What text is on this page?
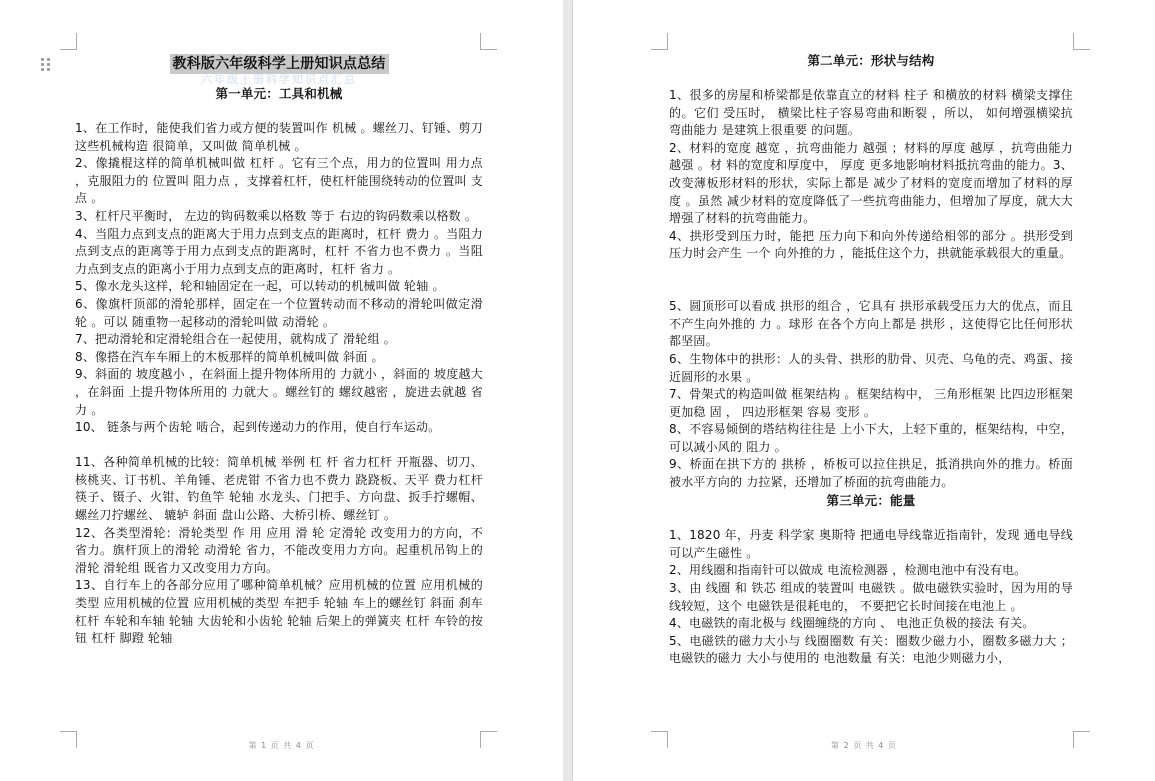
教科版六年级科学上册知识点总结
六年级上册科学知识点汇总
第一单元：工具和机械

1、在工作时，能使我们省力或方便的装置叫作 机械 。螺丝刀、钉锤、剪刀这些机械构造 很简单，又叫做 简单机械 。

2、像撬棍这样的简单机械叫做 杠杆 。它有三个点，用力的位置叫 用力点 ，克服阻力的 位置叫 阻力点 ，支撑着杠杆，使杠杆能围绕转动的位置叫 支点 。

3、杠杆尺平衡时， 左边的钩码数乘以格数 等于 右边的钩码数乘以格数 。

4、当阻力点到支点的距离大于用力点到支点的距离时，杠杆 费力 。当阻力点到支点的距离等于用力点到支点的距离时，杠杆 不省力也不费力 。当阻力点到支点的距离小于用力点到支点的距离时，杠杆 省力 。

5、像水龙头这样，轮和轴固定在一起，可以转动的机械叫做 轮轴 。

6、像旗杆顶部的滑轮那样，固定在一个位置转动而不移动的滑轮叫做定滑轮 。可以 随重物一起移动的滑轮叫做 动滑轮 。

7、把动滑轮和定滑轮组合在一起使用，就构成了 滑轮组 。

8、像搭在汽车车厢上的木板那样的简单机械叫做 斜面 。

9、斜面的 坡度越小 ，在斜面上提升物体所用的 力就小 ，斜面的 坡度越大 ，在斜面 上提升物体所用的 力就大 。螺丝钉的 螺纹越密 ，旋进去就越 省力 。

10、 链条与两个齿轮 啮合，起到传递动力的作用，使自行车运动。

11、各种简单机械的比较：简单机械 举例 杠 杆 省力杠杆 开瓶器、切刀、核桃夹、订书机、羊角锤、老虎钳 不省力也不费力 跷跷板、天平 费力杠杆 筷子、镊子、火钳、钓鱼竿 轮轴 水龙头、门把手、方向盘、扳手拧螺帽、螺丝刀拧螺丝、 辘轳 斜面 盘山公路、大桥引桥、螺丝钉 。

12、各类型滑轮：滑轮类型 作 用 应用 滑 轮 定滑轮 改变用力的方向，不省力。旗杆顶上的滑轮 动滑轮 省力，不能改变用力方向。起重机吊钩上的滑轮 滑轮组 既省力又改变用力方向。

13、自行车上的各部分应用了哪种简单机械？应用机械的位置 应用机械的类型 应用机械的位置 应用机械的类型 车把手 轮轴 车上的螺丝钉 斜面 刹车 杠杆 车轮和车轴 轮轴 大齿轮和小齿轮 轮轴 后架上的弹簧夹 杠杆 车铃的按钮 杠杆 脚蹬 轮轴

第 1 页 共 4 页
第二单元：形状与结构

1、很多的房屋和桥梁都是依靠直立的材料 柱子 和横放的材料 横梁支撑住的。它们 受压时， 横梁比柱子容易弯曲和断裂 ，所以， 如何增强横梁抗弯曲能力 是建筑上很重要 的问题。

2、材料的宽度 越宽 ，抗弯曲能力 越强 ；材料的厚度 越厚 ，抗弯曲能力 越强 。材 料的宽度和厚度中， 厚度 更多地影响材料抵抗弯曲的能力。3、改变薄板形材料的形状，实际上都是 减少了材料的宽度而增加了材料的厚度 。虽然 减少材料的宽度降低了一些抗弯曲能力，但增加了厚度，就大大增强了材料的抗弯曲能力。

4、拱形受到压力时，能把 压力向下和向外传递给相邻的部分 。拱形受到压力时会产生 一个 向外推的力 ，能抵住这个力，拱就能承载很大的重量。

5、圆顶形可以看成 拱形的组合 ，它具有 拱形承载受压力大的优点，而且不产生向外推的 力 。球形 在各个方向上都是 拱形 ，这使得它比任何形状都坚固。

6、生物体中的拱形：人的头骨、拱形的肋骨、贝壳、乌龟的壳、鸡蛋、接近圆形的水果 。

7、骨架式的构造叫做 框架结构 。框架结构中， 三角形框架 比四边形框架 更加稳 固 ， 四边形框架 容易 变形 。

8、不容易倾倒的塔结构往往是 上小下大，上轻下重的，框架结构，中空，可以减小风的 阻力 。

9、桥面在拱下方的 拱桥 ，桥板可以拉住拱足，抵消拱向外的推力。桥面被水平方向的 力拉紧，还增加了桥面的抗弯曲能力。

第三单元：能量

1、1820 年，丹麦 科学家 奥斯特 把通电导线靠近指南针，发现 通电导线可以产生磁性 。

2、用线圈和指南针可以做成 电流检测器 ，检测电池中有没有电。

3、由 线圈 和 铁芯 组成的装置叫 电磁铁 。做电磁铁实验时，因为用的导线较短，这个 电磁铁是很耗电的， 不要把它长时间接在电池上 。

4、电磁铁的南北极与 线圈缠绕的方向 、 电池正负极的接法 有关。

5、电磁铁的磁力大小与 线圈圈数 有关：圈数少磁力小，圈数多磁力大 ；电磁铁的磁力 大小与使用的 电池数量 有关：电池少则磁力小，

第 2 页 共 4 页
